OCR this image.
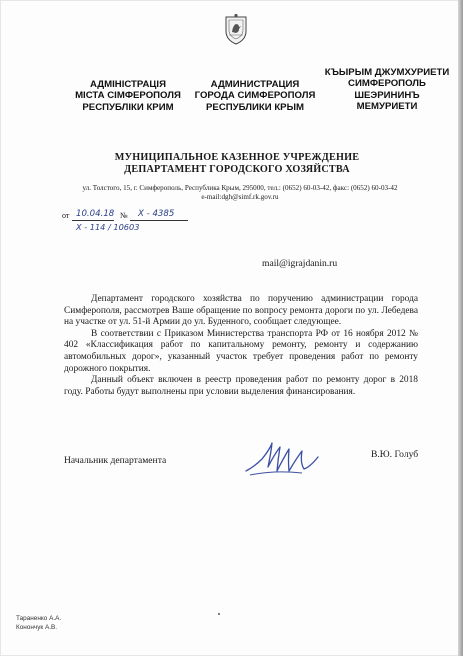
АДМІНІСТРАЦІЯ
МІСТА СІМФЕРОПОЛЯ
РЕСПУБЛІКИ КРИМ
АДМИНИСТРАЦИЯ
ГОРОДА СИМФЕРОПОЛЯ
РЕСПУБЛИКИ КРЫМ
КЪЫРЫМ ДЖУМХУРИЕТИ
СИМФЕРОПОЛЬ
ШЕЭРИНИНЪ
МЕМУРИЕТИ
МУНИЦИПАЛЬНОЕ КАЗЕННОЕ УЧРЕЖДЕНИЕ
ДЕПАРТАМЕНТ ГОРОДСКОГО ХОЗЯЙСТВА
ул. Толстого, 15, г. Симферополь, Республика Крым, 295000, тел.: (0652) 60-03-42, факс: (0652) 60-03-42
e-mail:dgh@simf.rk.gov.ru
от 10.04.18 № Х - 4385
Х - 114 / 10603
mail@igrajdanin.ru

Департамент городского хозяйства по поручению администрации города Симферополя, рассмотрев Ваше обращение по вопросу ремонта дороги по ул. Лебедева на участке от ул. 51-й Армии до ул. Буденного, сообщает следующее.

В соответствии с Приказом Министерства транспорта РФ от 16 ноября 2012 № 402 «Классификация работ по капитальному ремонту, ремонту и содержанию автомобильных дорог», указанный участок требует проведения работ по ремонту дорожного покрытия.

Данный объект включен в реестр проведения работ по ремонту дорог в 2018 году. Работы будут выполнены при условии выделения финансирования.

Начальник департамента
В.Ю. Голуб
Тараненко А.А.
Конончук А.В.
